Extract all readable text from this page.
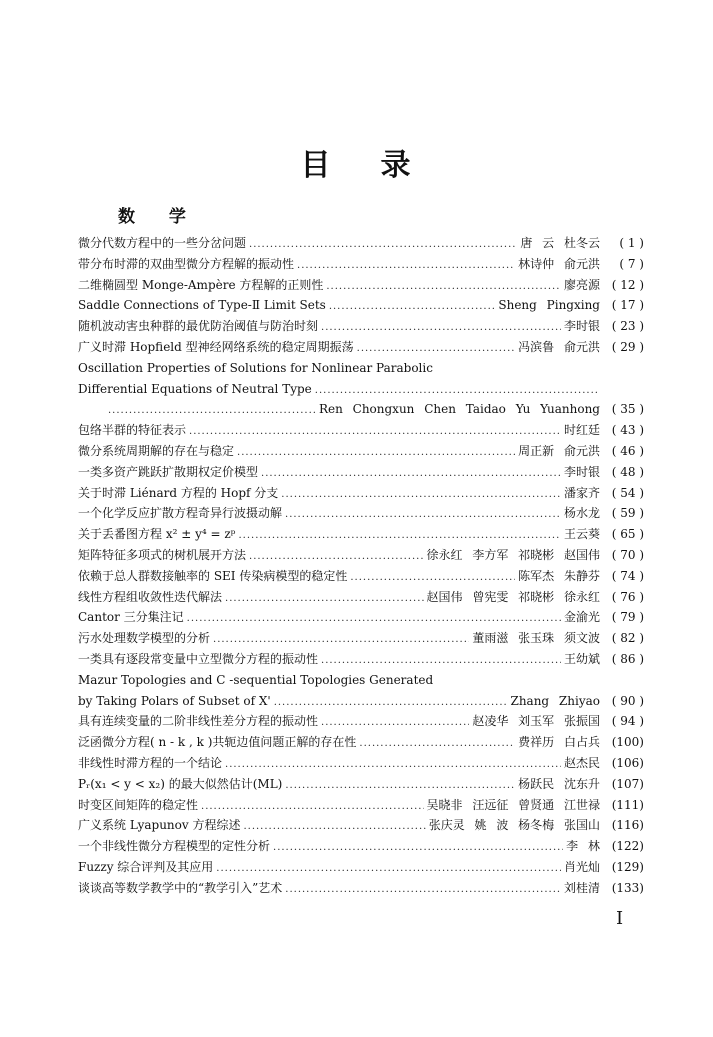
目 录
数 学
微分代数方程中的一些分岔问题 .....	唐 云 杜冬云	( 1 )
带分布时滞的双曲型微分方程解的振动性 .....	林诗仲 俞元洪	( 7 )
二维椭圆型 Monge-Ampère 方程解的正则性 .....	廖亮源 ( 12 )
Saddle Connections of Type-Ⅱ Limit Sets .....	Sheng Pingxing ( 17 )
随机波动害虫种群的最优防治阈值与防治时刻 .....	李时银 ( 23 )
广义时滞 Hopfield 型神经网络系统的稳定周期振荡 .....	冯滨鲁 俞元洪 ( 29 )
Oscillation Properties of Solutions for Nonlinear Parabolic
Differential Equations of Neutral Type
.....
.....
Ren Chongxun Chen Taidao Yu Yuanhong ( 35 )
包络半群的特征表示 .....	时红廷 ( 43 )
微分系统周期解的存在与稳定 .....	周正新 俞元洪 ( 46 )
一类多资产跳跃扩散期权定价模型 .....	李时银 ( 48 )
关于时滞 Liénard 方程的 Hopf 分支 .....	潘家齐 ( 54 )
一个化学反应扩散方程奇异行波摄动解 .....	杨水龙 ( 59 )
关于丢番图方程 x² ± y⁴ = zᵖ .....	王云葵 ( 65 )
矩阵特征多项式的树机展开方法 .....	徐永红 李方军 祁晓彬 赵国伟 ( 70 )
依赖于总人群数接触率的 SEI 传染病模型的稳定性 .....	陈军杰 朱静芬 ( 74 )
线性方程组收敛性迭代解法 .....	赵国伟 曾宪雯 祁晓彬 徐永红 ( 76 )
Cantor 三分集注记 .....	金渝光 ( 79 )
污水处理数学模型的分析 .....	董雨滋 张玉珠 须文波 ( 82 )
一类具有逐段常变量中立型微分方程的振动性 .....	王幼斌 ( 86 )
Mazur Topologies and C -sequential Topologies Generated
by Taking Polars of Subset of X' .....	Zhang Zhiyao ( 90 )
具有连续变量的二阶非线性差分方程的振动性 .....	赵凌华 刘玉军 张振国 ( 94 )
泛函微分方程( n - k , k )共轭边值问题正解的存在性 .....	费祥历 白占兵 (100)
非线性时滞方程的一个结论 .....	赵杰民 (106)
Pᵣ(x₁ < y < x₂) 的最大似然估计(ML) .....	杨跃民 沈东升 (107)
时变区间矩阵的稳定性 .....	吴晓非 汪远征 曾贤通 江世禄 (111)
广义系统 Lyapunov 方程综述 .....	张庆灵 姚 波 杨冬梅 张国山 (116)
一个非线性微分方程模型的定性分析 .....	李 林 (122)
Fuzzy 综合评判及其应用 .....	肖光灿 (129)
谈谈高等数学教学中的“教学引入”艺术 .....	刘桂清 (133)
I
